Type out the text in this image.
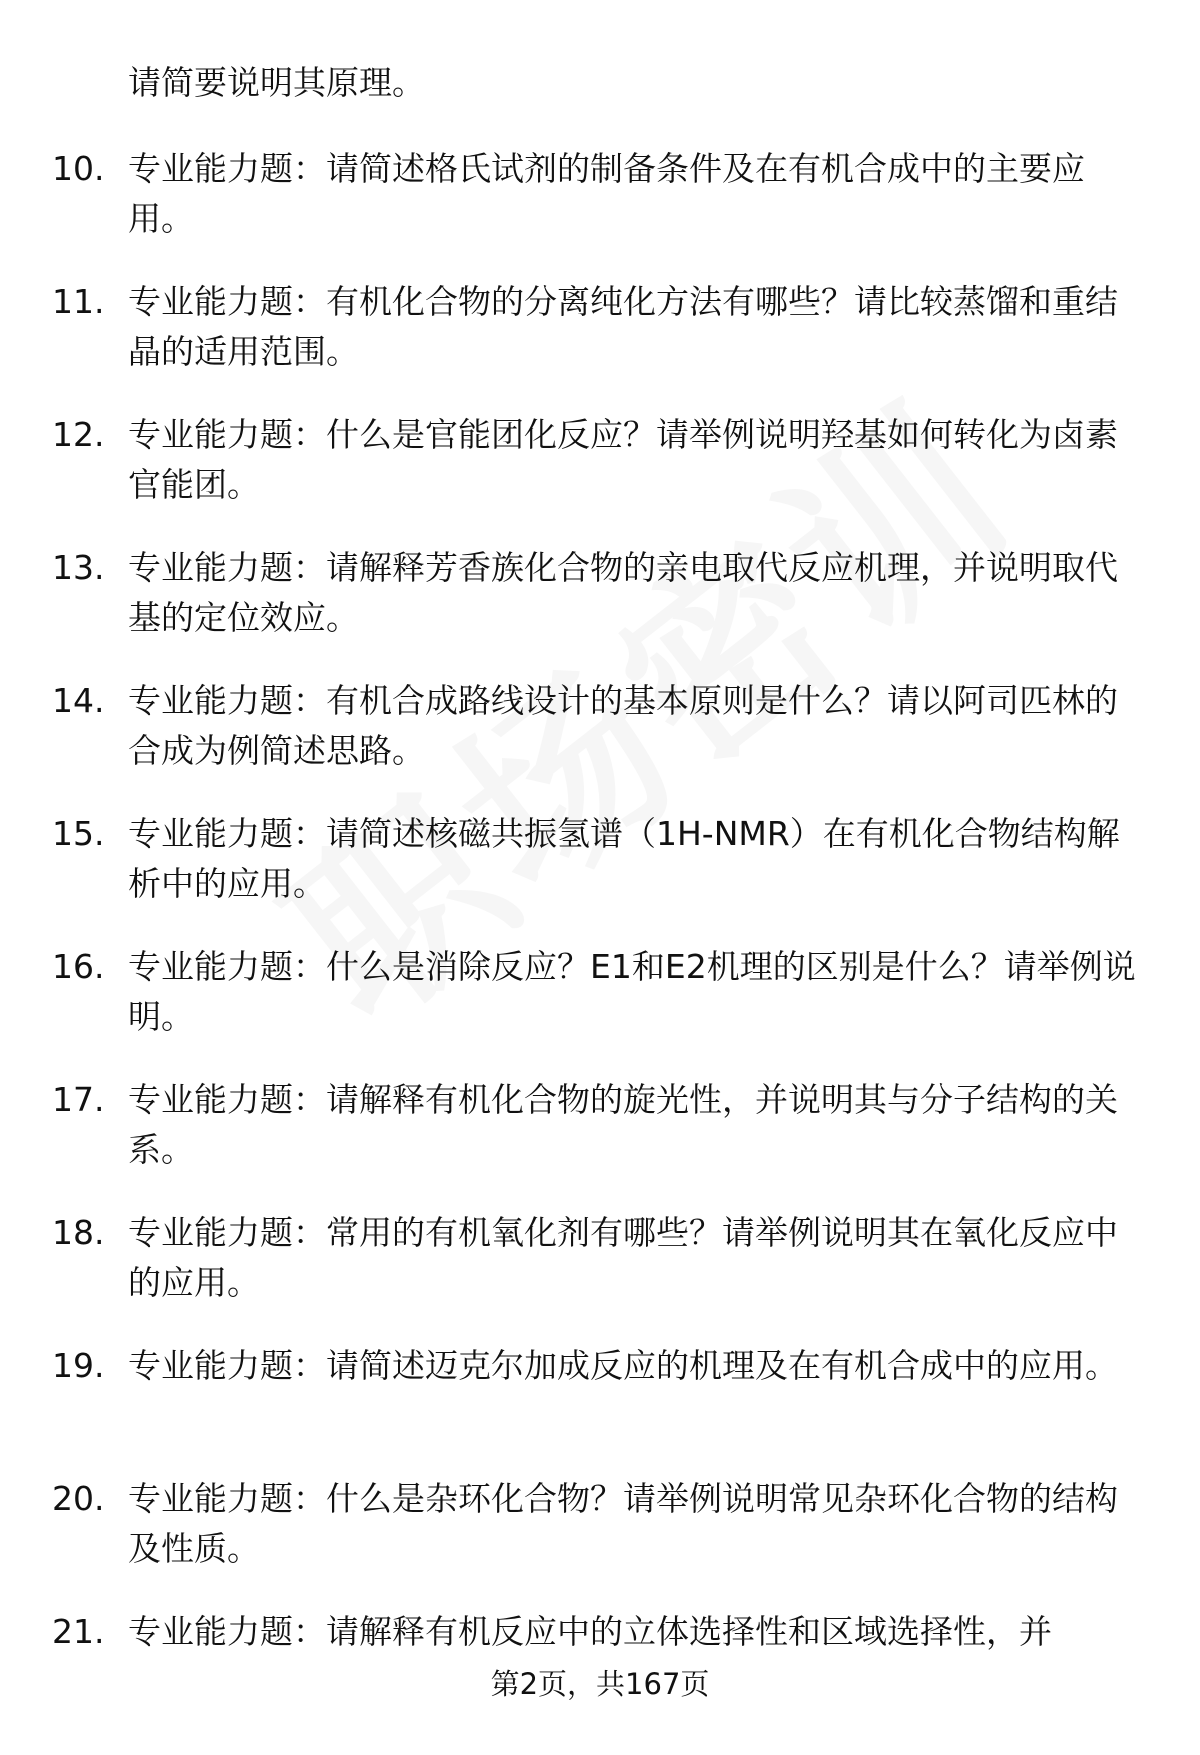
请简要说明其原理。
10. 专业能力题：请简述格氏试剂的制备条件及在有机合成中的主要应用。
11. 专业能力题：有机化合物的分离纯化方法有哪些？请比较蒸馏和重结晶的适用范围。
12. 专业能力题：什么是官能团化反应？请举例说明羟基如何转化为卤素官能团。
13. 专业能力题：请解释芳香族化合物的亲电取代反应机理，并说明取代基的定位效应。
14. 专业能力题：有机合成路线设计的基本原则是什么？请以阿司匹林的合成为例简述思路。
15. 专业能力题：请简述核磁共振氢谱（1H-NMR）在有机化合物结构解析中的应用。
16. 专业能力题：什么是消除反应？E1和E2机理的区别是什么？请举例说明。
17. 专业能力题：请解释有机化合物的旋光性，并说明其与分子结构的关系。
18. 专业能力题：常用的有机氧化剂有哪些？请举例说明其在氧化反应中的应用。
19. 专业能力题：请简述迈克尔加成反应的机理及在有机合成中的应用。
20. 专业能力题：什么是杂环化合物？请举例说明常见杂环化合物的结构及性质。
21. 专业能力题：请解释有机反应中的立体选择性和区域选择性，并
第2页，共167页
